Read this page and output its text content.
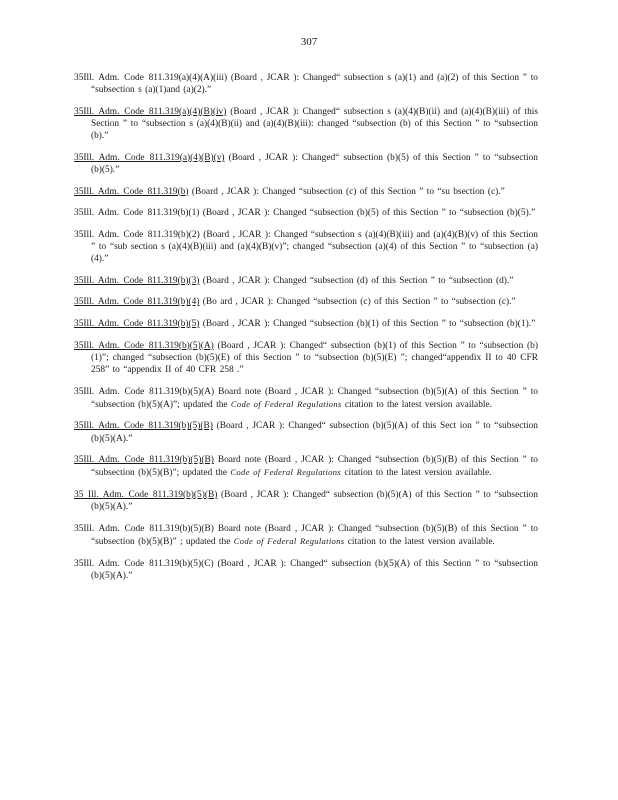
307

35Ill. Adm. Code 811.319(a)(4)(A)(iii) (Board , JCAR ): Changed“ subsection s (a)(1) and (a)(2) of this Section ” to “subsection s (a)(1)and (a)(2).”

35Ill. Adm. Code 811.319(a)(4)(B)(iv) (Board , JCAR ): Changed“ subsection s (a)(4)(B)(ii) and (a)(4)(B)(iii) of this Section ” to “subsection s (a)(4)(B)(ii) and (a)(4)(B)(iii): changed “subsection (b) of this Section ” to “subsection (b).”

35Ill. Adm. Code 811.319(a)(4)(B)(v) (Board , JCAR ): Changed“ subsection (b)(5) of this Section ” to “subsection (b)(5).”

35Ill. Adm. Code 811.319(b) (Board , JCAR ): Changed “subsection (c) of this Section ” to “su bsection (c).”

35Ill. Adm. Code 811.319(b)(1) (Board , JCAR ): Changed “subsection (b)(5) of this Section ” to “subsection (b)(5).”

35Ill. Adm. Code 811.319(b)(2) (Board , JCAR ): Changed “subsection s (a)(4)(B)(iii) and (a)(4)(B)(v) of this Section ” to “sub section s (a)(4)(B)(iii) and (a)(4)(B)(v)”; changed “subsection (a)(4) of this Section ” to “subsection (a)(4).”

35Ill. Adm. Code 811.319(b)(3) (Board , JCAR ): Changed “subsection (d) of this Section ” to “subsection (d).”

35Ill. Adm. Code 811.319(b)(4) (Bo ard , JCAR ): Changed “subsection (c) of this Section ” to “subsection (c).”

35Ill. Adm. Code 811.319(b)(5) (Board , JCAR ): Changed “subsection (b)(1) of this Section ” to “subsection (b)(1).”

35Ill. Adm. Code 811.319(b)(5)(A) (Board , JCAR ): Changed“ subsection (b)(1) of this Section ” to “subsection (b)(1)”; changed “subsection (b)(5)(E) of this Section ” to “subsection (b)(5)(E) ”; changed“appendix II to 40 CFR 258” to “appendix II of 40 CFR 258 .”

35Ill. Adm. Code 811.319(b)(5)(A) Board note (Board , JCAR ): Changed “subsection (b)(5)(A) of this Section ” to “subsection (b)(5)(A)”; updated the Code of Federal Regulations citation to the latest version available.

35Ill. Adm. Code 811.319(b)(5)(B) (Board , JCAR ): Changed“ subsection (b)(5)(A) of this Sect ion ” to “subsection (b)(5)(A).”

35Ill. Adm. Code 811.319(b)(5)(B) Board note (Board , JCAR ): Changed “subsection (b)(5)(B) of this Section ” to “subsection (b)(5)(B)”; updated the Code of Federal Regulations citation to the latest version available.

35 Ill. Adm. Code 811.319(b)(5)(B) (Board , JCAR ): Changed“ subsection (b)(5)(A) of this Section ” to “subsection (b)(5)(A).”

35Ill. Adm. Code 811.319(b)(5)(B) Board note (Board , JCAR ): Changed “subsection (b)(5)(B) of this Section ” to “subsection (b)(5)(B)” ; updated the Code of Federal Regulations citation to the latest version available.

35Ill. Adm. Code 811.319(b)(5)(C) (Board , JCAR ): Changed“ subsection (b)(5)(A) of this Section ” to “subsection (b)(5)(A).”
